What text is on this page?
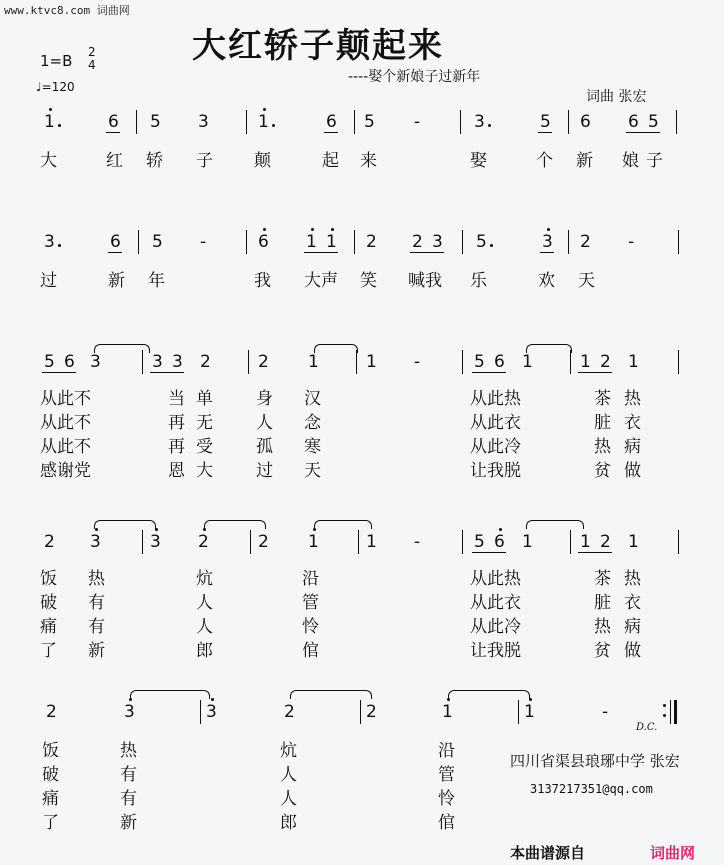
www.ktvc8.com 词曲网
大红轿子颠起来
----娶个新娘子过新年
词曲 张宏
1=B 2
4
♩=120
1	6 5 3	1	6 5 -	3	5 6 6 5
大	红 轿 子 颠	起 来	娶	个 新 娘 子
3	6 5 -	6 1 1 2 2 3 5	3 2 -
过	新 年	我 大声 笑 喊我 乐	欢 天
5 6 3	3 3 2	2 1	1 -	5 6 1	1 2 1
从此不	当 单	身 汉	从此热	茶 热
从此不	再 无	人 念	从此衣	脏 衣
从此不	再 受	孤 寒	从此冷	热 病
感谢党	恩 大	过 天	让我脱	贫 做
2 3	3 2	2 1	1 -	5 6 1	1 2 1
饭 热	炕	沿	从此热	茶 热
破 有	人	管	从此衣	脏 衣
痛 有	人	怜	从此冷	热 病
了 新	郎	倌	让我脱	贫 做
2	3	3	2	2	1	1	-
D.C.
饭	热	炕	沿
破	有	人	管
痛	有	人	怜
了	新	郎	倌
四川省渠县琅琊中学 张宏
3137217351@qq.com
本曲谱源自	词曲网
